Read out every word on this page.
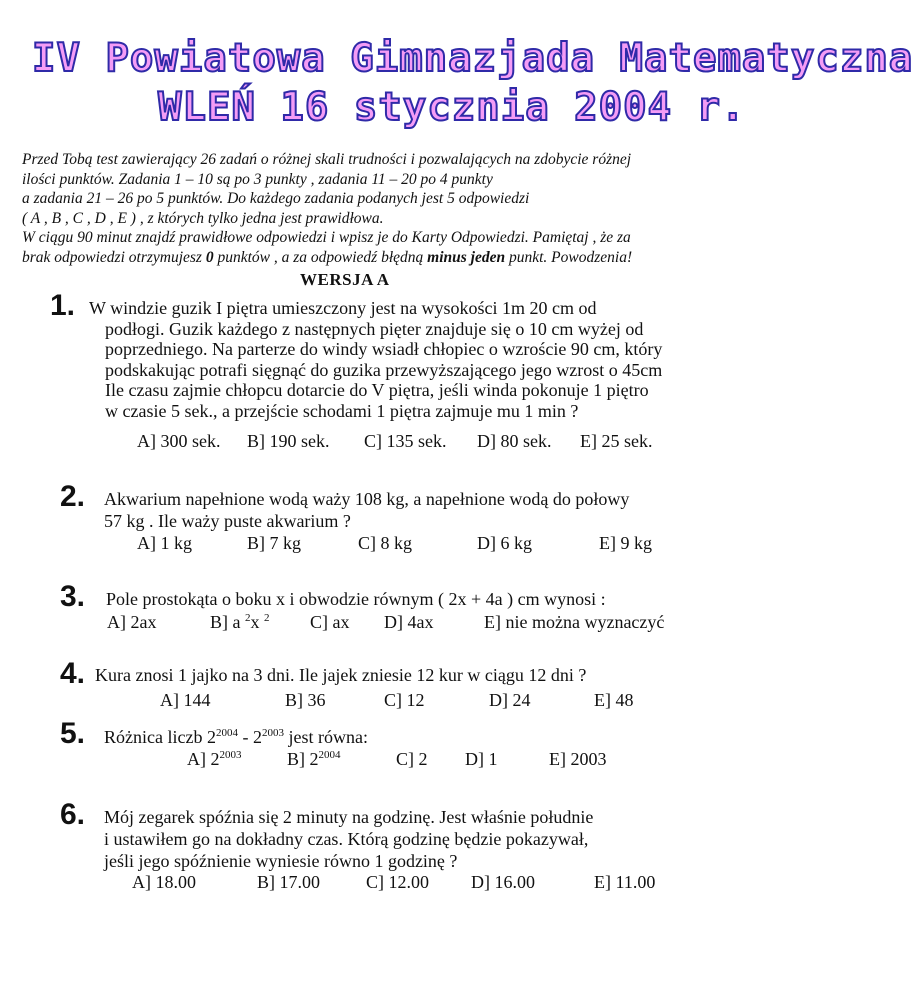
IV Powiatowa Gimnazjada Matematyczna
WLEŃ 16 stycznia 2004 r.
Przed Tobą test zawierający 26 zadań o różnej skali trudności i pozwalających na zdobycie różnej
ilości punktów. Zadania 1 – 10 są po 3 punkty , zadania 11 – 20 po 4 punkty
a zadania 21 – 26 po 5 punktów. Do każdego zadania podanych jest 5 odpowiedzi
( A , B , C , D , E ) , z których tylko jedna jest prawidłowa.
W ciągu 90 minut znajdź prawidłowe odpowiedzi i wpisz je do Karty Odpowiedzi. Pamiętaj , że za
brak odpowiedzi otrzymujesz 0 punktów , a za odpowiedź błędną minus jeden punkt. Powodzenia!
WERSJA A
1. W windzie guzik I piętra umieszczony jest na wysokości 1m 20 cm od
podłogi. Guzik każdego z następnych pięter znajduje się o 10 cm wyżej od
poprzedniego. Na parterze do windy wsiadł chłopiec o wzroście 90 cm, który
podskakując potrafi sięgnąć do guzika przewyższającego jego wzrost o 45cm
Ile czasu zajmie chłopcu dotarcie do V piętra, jeśli winda pokonuje 1 piętro
w czasie 5 sek., a przejście schodami 1 piętra zajmuje mu 1 min ?
A] 300 sek. B] 190 sek. C] 135 sek. D] 80 sek. E] 25 sek.
2. Akwarium napełnione wodą waży 108 kg, a napełnione wodą do połowy
57 kg . Ile waży puste akwarium ?
A] 1 kg	B] 7 kg	C] 8 kg	D] 6 kg	E] 9 kg
3. Pole prostokąta o boku x i obwodzie równym ( 2x + 4a ) cm wynosi :
A] 2ax	B] a $^2$x $^2$ C] ax D] 4ax	E] nie można wyznaczyć
4. Kura znosi 1 jajko na 3 dni. Ile jajek zniesie 12 kur w ciągu 12 dni ?
A] 144	B] 36	C] 12	D] 24	E] 48
5. Różnica liczb $2^{2004} - 2^{2003}$ jest równa:
A] $2^{2003}$	B] $2^{2004}$	C] 2 D] 1	E] 2003
6. Mój zegarek spóźnia się 2 minuty na godzinę. Jest właśnie południe
i ustawiłem go na dokładny czas. Którą godzinę będzie pokazywał,
jeśli jego spóźnienie wyniesie równo 1 godzinę ?
A] 18.00	B] 17.00	C] 12.00 D] 16.00	E] 11.00
